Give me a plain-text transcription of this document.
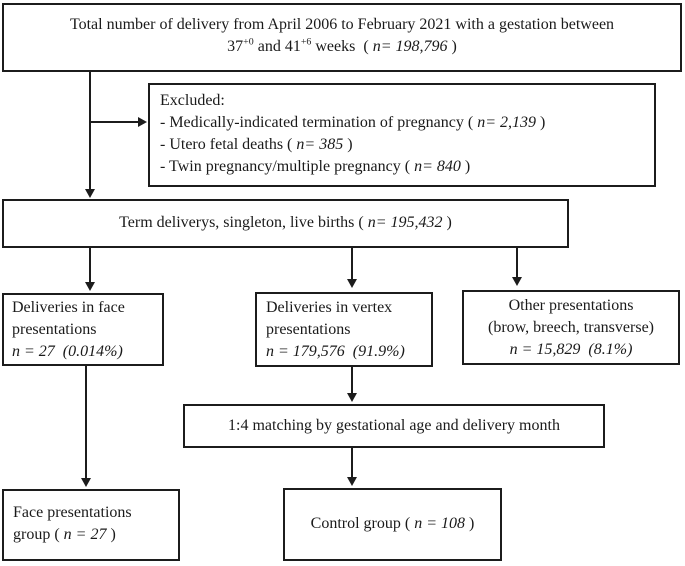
Total number of delivery from April 2006 to February 2021 with a gestation between
$37^{+0}$ and $41^{+6}$ weeks  ( n= 198,796 )
Excluded:
- Medically-indicated termination of pregnancy ( n= 2,139 )
- Utero fetal deaths ( n= 385 )
- Twin pregnancy/multiple pregnancy ( n= 840 )
Term deliverys, singleton, live births ( n= 195,432 )
Deliveries in face
presentations
n = 27  (0.014%)
Deliveries in vertex
presentations
n = 179,576  (91.9%)
Other presentations
(brow, breech, transverse)
n = 15,829  (8.1%)
1:4 matching by gestational age and delivery month
Face presentations
group ( n = 27 )
Control group ( n = 108 )
